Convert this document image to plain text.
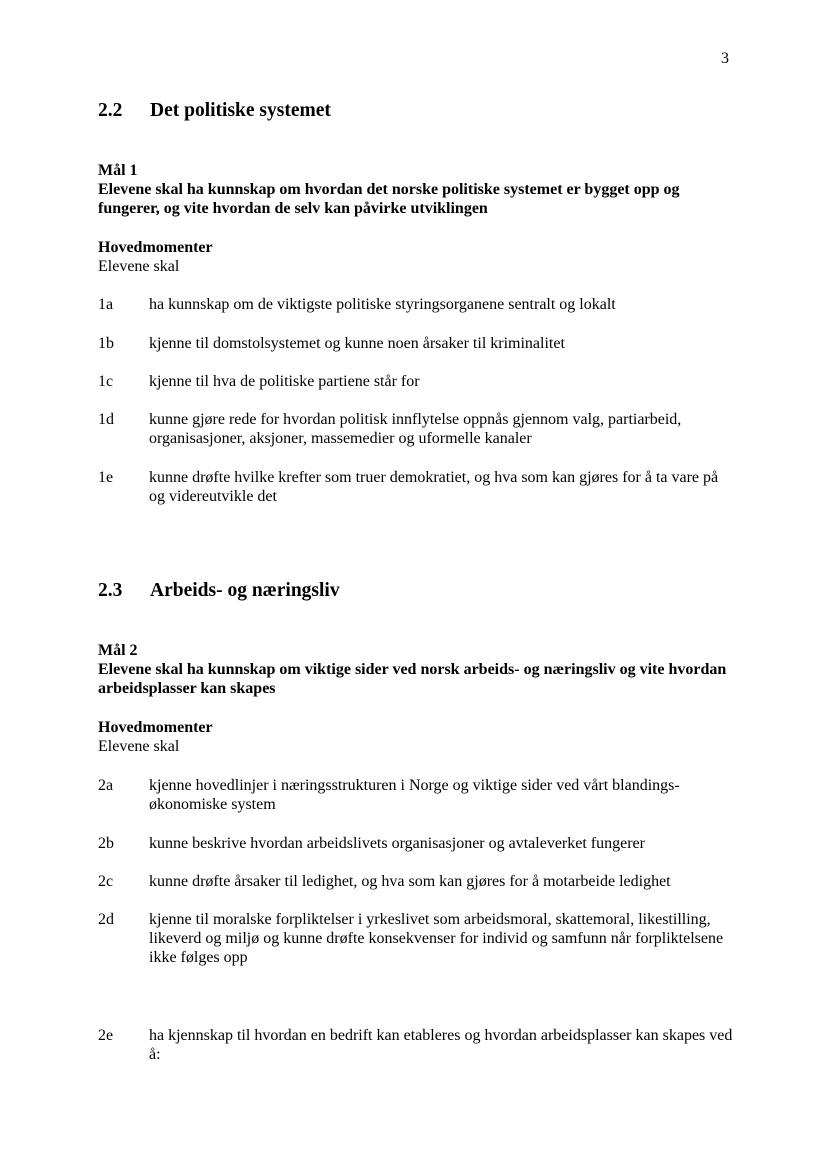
3

2.2 Det politiske systemet
Mål 1
Elevene skal ha kunnskap om hvordan det norske politiske systemet er bygget opp og fungerer, og vite hvordan de selv kan påvirke utviklingen
Hovedmomenter
Elevene skal
1a ha kunnskap om de viktigste politiske styringsorganene sentralt og lokalt
1b kjenne til domstolsystemet og kunne noen årsaker til kriminalitet
1c kjenne til hva de politiske partiene står for
1d kunne gjøre rede for hvordan politisk innflytelse oppnås gjennom valg, partiarbeid, organisasjoner, aksjoner, massemedier og uformelle kanaler
1e kunne drøfte hvilke krefter som truer demokratiet, og hva som kan gjøres for å ta vare på og videreutvikle det
2.3 Arbeids- og næringsliv
Mål 2
Elevene skal ha kunnskap om viktige sider ved norsk arbeids- og næringsliv og vite hvordan arbeidsplasser kan skapes
Hovedmomenter
Elevene skal
2a kjenne hovedlinjer i næringsstrukturen i Norge og viktige sider ved vårt blandings-økonomiske system
2b kunne beskrive hvordan arbeidslivets organisasjoner og avtaleverket fungerer
2c kunne drøfte årsaker til ledighet, og hva som kan gjøres for å motarbeide ledighet
2d kjenne til moralske forpliktelser i yrkeslivet som arbeidsmoral, skattemoral, likestilling, likeverd og miljø og kunne drøfte konsekvenser for individ og samfunn når forpliktelsene ikke følges opp
2e ha kjennskap til hvordan en bedrift kan etableres og hvordan arbeidsplasser kan skapes ved å:
